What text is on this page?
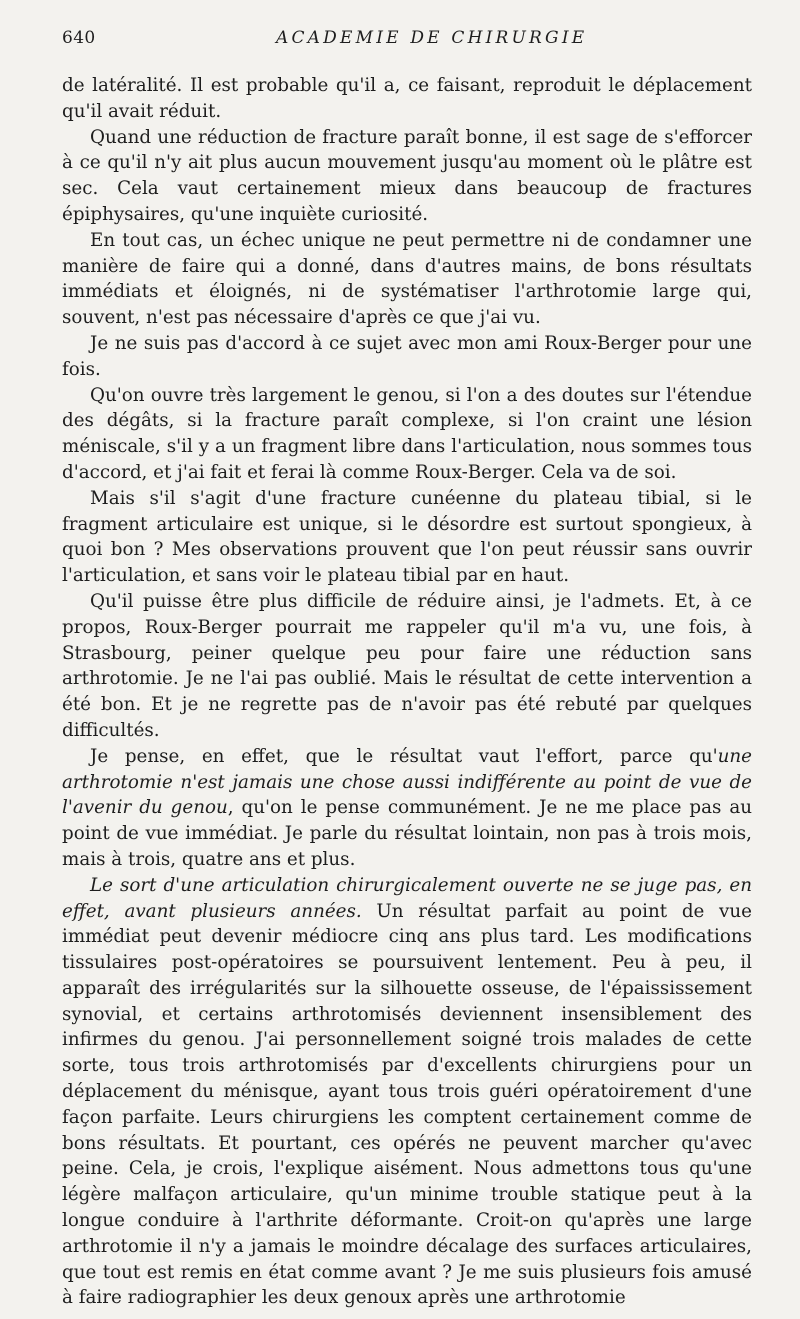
640	ACADEMIE DE CHIRURGIE

de latéralité. Il est probable qu'il a, ce faisant, reproduit le déplacement qu'il avait réduit.

Quand une réduction de fracture paraît bonne, il est sage de s'efforcer à ce qu'il n'y ait plus aucun mouvement jusqu'au moment où le plâtre est sec. Cela vaut certainement mieux dans beaucoup de fractures épiphysaires, qu'une inquiète curiosité.

En tout cas, un échec unique ne peut permettre ni de condamner une manière de faire qui a donné, dans d'autres mains, de bons résultats immédiats et éloignés, ni de systématiser l'arthrotomie large qui, souvent, n'est pas nécessaire d'après ce que j'ai vu.

Je ne suis pas d'accord à ce sujet avec mon ami Roux-Berger pour une fois.

Qu'on ouvre très largement le genou, si l'on a des doutes sur l'étendue des dégâts, si la fracture paraît complexe, si l'on craint une lésion méniscale, s'il y a un fragment libre dans l'articulation, nous sommes tous d'accord, et j'ai fait et ferai là comme Roux-Berger. Cela va de soi.

Mais s'il s'agit d'une fracture cunéenne du plateau tibial, si le fragment articulaire est unique, si le désordre est surtout spongieux, à quoi bon ? Mes observations prouvent que l'on peut réussir sans ouvrir l'articulation, et sans voir le plateau tibial par en haut.

Qu'il puisse être plus difficile de réduire ainsi, je l'admets. Et, à ce propos, Roux-Berger pourrait me rappeler qu'il m'a vu, une fois, à Strasbourg, peiner quelque peu pour faire une réduction sans arthrotomie. Je ne l'ai pas oublié. Mais le résultat de cette intervention a été bon. Et je ne regrette pas de n'avoir pas été rebuté par quelques difficultés.

Je pense, en effet, que le résultat vaut l'effort, parce qu'une arthrotomie n'est jamais une chose aussi indifférente au point de vue de l'avenir du genou, qu'on le pense communément. Je ne me place pas au point de vue immédiat. Je parle du résultat lointain, non pas à trois mois, mais à trois, quatre ans et plus.

Le sort d'une articulation chirurgicalement ouverte ne se juge pas, en effet, avant plusieurs années. Un résultat parfait au point de vue immédiat peut devenir médiocre cinq ans plus tard. Les modifications tissulaires post-opératoires se poursuivent lentement. Peu à peu, il apparaît des irrégularités sur la silhouette osseuse, de l'épaississement synovial, et certains arthrotomisés deviennent insensiblement des infirmes du genou. J'ai personnellement soigné trois malades de cette sorte, tous trois arthrotomisés par d'excellents chirurgiens pour un déplacement du ménisque, ayant tous trois guéri opératoirement d'une façon parfaite. Leurs chirurgiens les comptent certainement comme de bons résultats. Et pourtant, ces opérés ne peuvent marcher qu'avec peine. Cela, je crois, l'explique aisément. Nous admettons tous qu'une légère malfaçon articulaire, qu'un minime trouble statique peut à la longue conduire à l'arthrite déformante. Croit-on qu'après une large arthrotomie il n'y a jamais le moindre décalage des surfaces articulaires, que tout est remis en état comme avant ? Je me suis plusieurs fois amusé à faire radiographier les deux genoux après une arthrotomie
